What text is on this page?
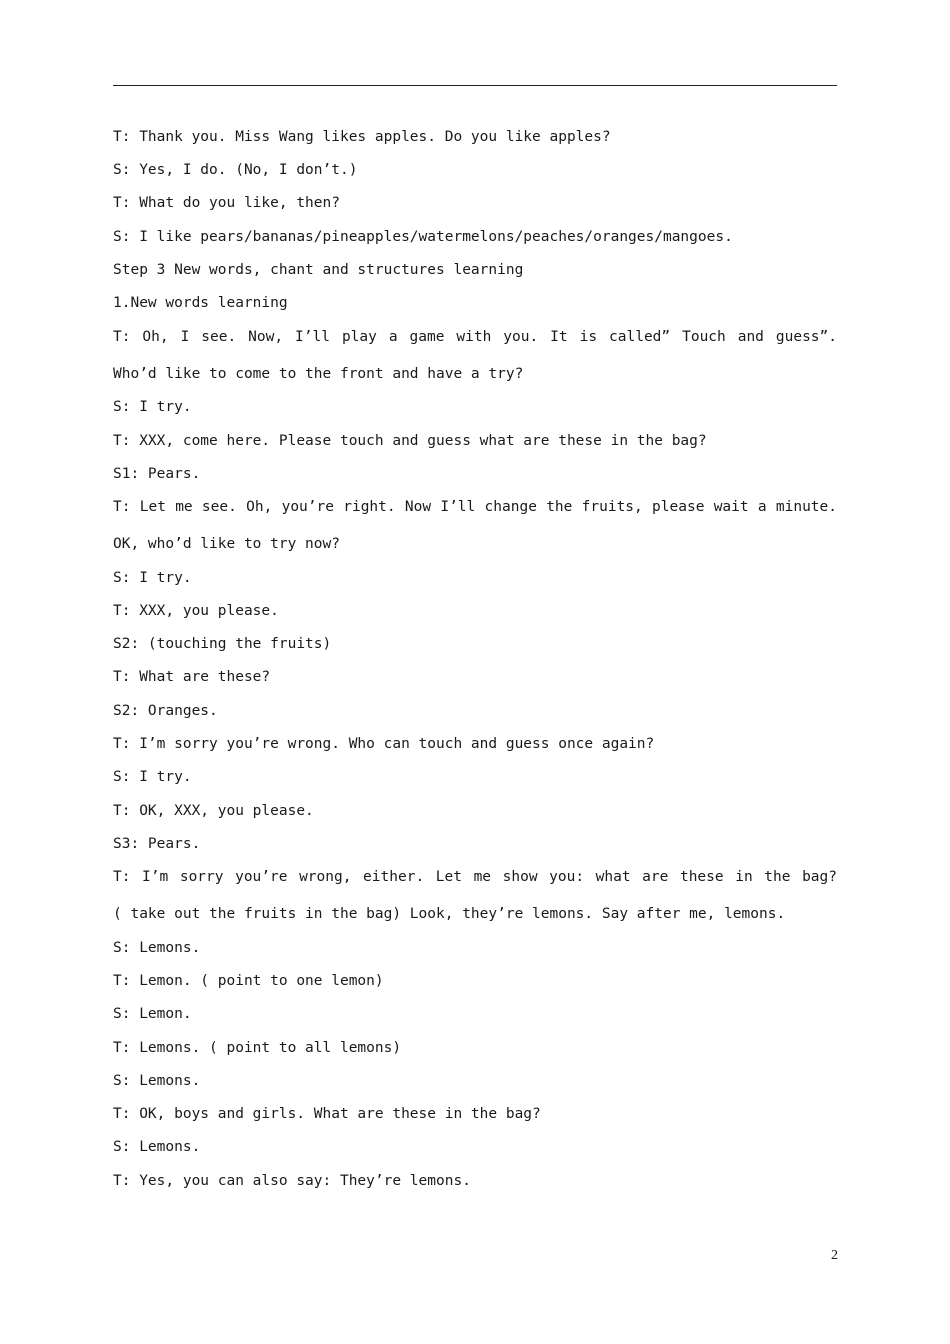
T: Thank you. Miss Wang likes apples. Do you like apples?
S: Yes, I do. (No, I don’t.)
T: What do you like, then?
S: I like pears/bananas/pineapples/watermelons/peaches/oranges/mangoes.
Step 3 New words, chant and structures learning
1.New words learning
T: Oh, I see. Now, I’ll play a game with you. It is called” Touch and guess”.
Who’d like to come to the front and have a try?
S: I try.
T: XXX, come here. Please touch and guess what are these in the bag?
S1: Pears.
T: Let me see. Oh, you’re right. Now I’ll change the fruits, please wait a minute.
OK, who’d like to try now?
S: I try.
T: XXX, you please.
S2: (touching the fruits)
T: What are these?
S2: Oranges.
T: I’m sorry you’re wrong. Who can touch and guess once again?
S: I try.
T: OK, XXX, you please.
S3: Pears.
T: I’m sorry you’re wrong, either. Let me show you: what are these in the bag?
( take out the fruits in the bag) Look, they’re lemons. Say after me, lemons.
S: Lemons.
T: Lemon. ( point to one lemon)
S: Lemon.
T: Lemons. ( point to all lemons)
S: Lemons.
T: OK, boys and girls. What are these in the bag?
S: Lemons.
T: Yes, you can also say: They’re lemons.
2
